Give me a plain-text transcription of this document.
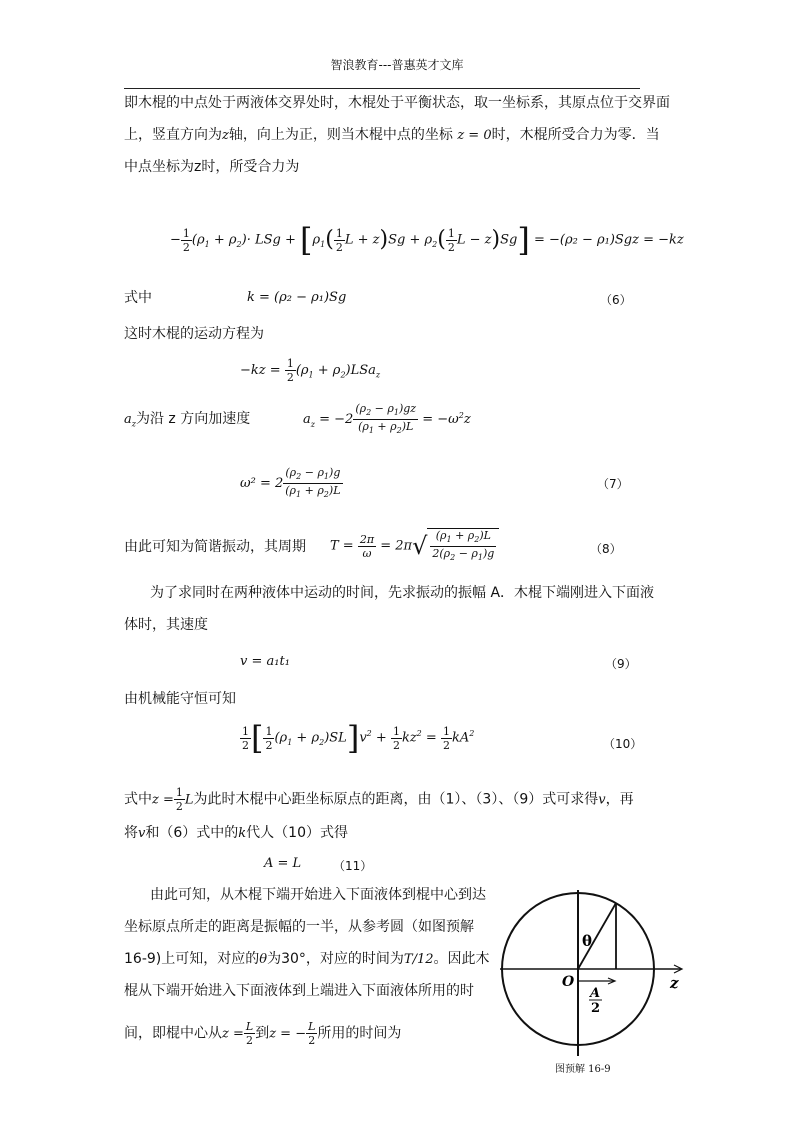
智浪教育---普惠英才文库
即木棍的中点处于两液体交界处时，木棍处于平衡状态，取一坐标系，其原点位于交界面
上，竖直方向为z轴，向上为正，则当木棍中点的坐标 z = 0时，木棍所受合力为零．当
中点坐标为z时，所受合力为
− $\frac{1}{2} (\rho_1 + \rho_2)\cdot$ LSg + [$\rho_1( \frac{1}{2}$ $L + z)Sg + \rho_2( \frac{1}{2}$ L − z)Sg] = −(ρ₂ − ρ₁)Sgz = −kz
式中	k = (ρ₂ − ρ₁)Sg	（6）
这时木棍的运动方程为
$-kz = \frac{1}{2} (\rho_1 + \rho_2)LSa_z$
$a_z$为沿 z 方向加速度	$a_z = -2 \frac{(\rho_2 - \rho_1)gz}{(\rho_1 + \rho_2)L} = -\omega^2z$
$\omega^2 = 2 \frac{(\rho_2 - \rho_1)g}{(\rho_1 + \rho_2)L}$	（7）
由此可知为简谐振动，其周期 $T = \frac{2\pi}{\omega} = 2\pi√ \frac{(\rho_1 + \rho_2)L}{2(\rho_2 - \rho_1)g}$	（8）
为了求同时在两种液体中运动的时间，先求振动的振幅 A．木棍下端刚进入下面液
体时，其速度
v = a₁t₁	（9）
由机械能守恒可知
$\frac{1}{2}$ [ $\frac{1}{2} (\rho_1 + \rho_2)SL]v^2 + \frac{1}{2} kz^2 = \frac{1}{2} kA^2$
（10）
式中$z = \frac{1}{2}$ L为此时木棍中心距坐标原点的距离，由（1）、（3）、（9）式可求得v，再
将v和（6）式中的k代人（10）式得
A = L	（11）
由此可知，从木棍下端开始进入下面液体到棍中心到达
坐标原点所走的距离是振幅的一半，从参考圆（如图预解
16-9)上可知，对应的θ为30°，对应的时间为T/12。因此木
棍从下端开始进入下面液体到上端进入下面液体所用的时
间，即棍中心从$z = \frac{L}{2}$ 到z = − $\frac{L}{2}$ 所用的时间为
θ
O	z
A
2
图预解 16-9
